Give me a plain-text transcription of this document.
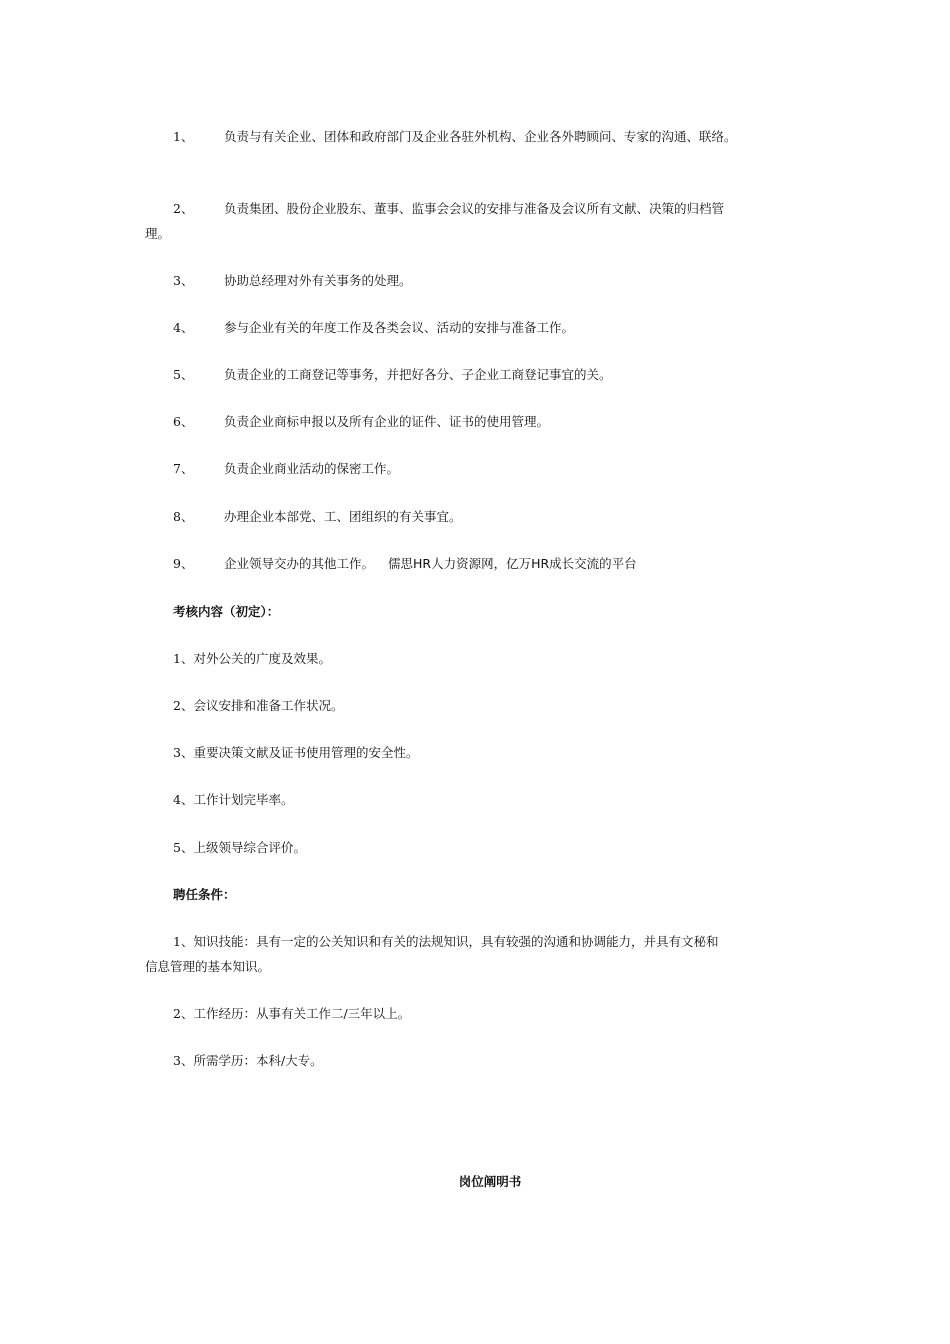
1、 负责与有关企业、团体和政府部门及企业各驻外机构、企业各外聘顾问、专家的沟通、联络。
2、 负责集团、股份企业股东、董事、监事会会议的安排与准备及会议所有文献、决策的归档管
理。
3、 协助总经理对外有关事务的处理。
4、 参与企业有关的年度工作及各类会议、活动的安排与准备工作。
5、 负责企业的工商登记等事务，并把好各分、子企业工商登记事宜的关。
6、 负责企业商标申报以及所有企业的证件、证书的使用管理。
7、 负责企业商业活动的保密工作。
8、 办理企业本部党、工、团组织的有关事宜。
9、 企业领导交办的其他工作。 儒思HR人力资源网，亿万HR成长交流的平台
考核内容（初定）：
1、对外公关的广度及效果。
2、会议安排和准备工作状况。
3、重要决策文献及证书使用管理的安全性。
4、工作计划完毕率。
5、上级领导综合评价。
聘任条件：
1、知识技能：具有一定的公关知识和有关的法规知识，具有较强的沟通和协调能力，并具有文秘和
信息管理的基本知识。
2、工作经历：从事有关工作二/三年以上。
3、所需学历：本科/大专。
岗位阐明书
